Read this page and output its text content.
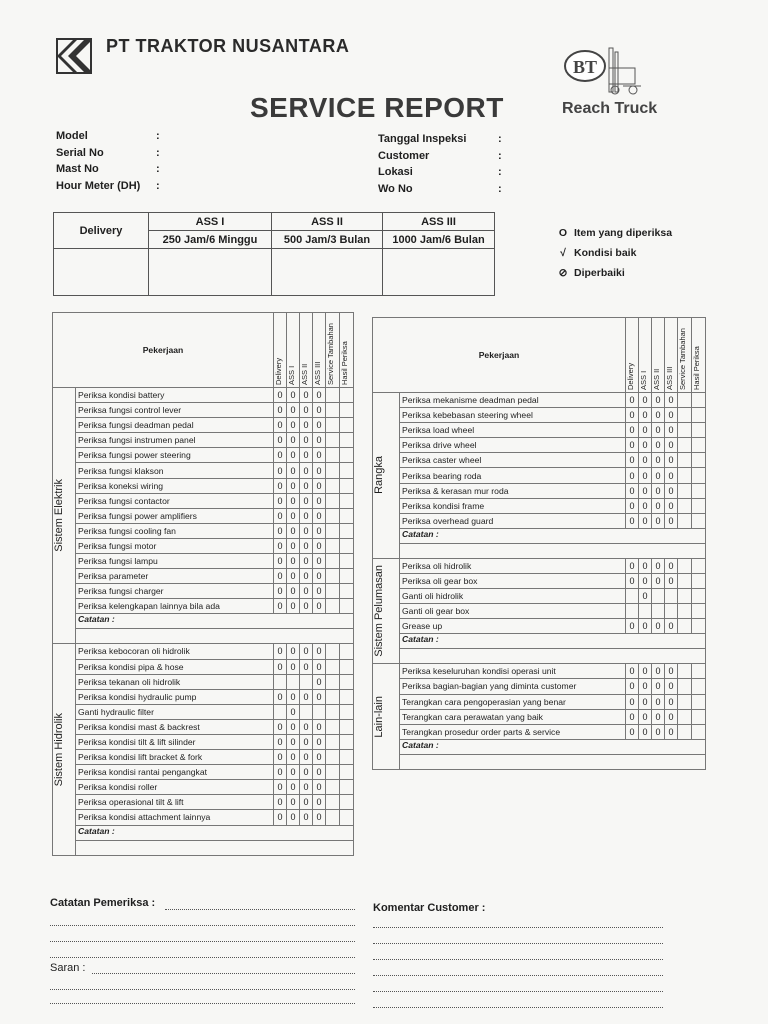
PT TRAKTOR NUSANTARA
SERVICE REPORT
BT
Reach Truck
Model	:
Serial No	:
Mast No	:
Hour Meter (DH)	:
Tanggal Inspeksi	:
Customer	:
Lokasi	:
Wo No	:
Delivery	ASS I	ASS II	ASS III
	250 Jam/6 Minggu	500 Jam/3 Bulan	1000 Jam/6 Bulan

O Item yang diperiksa
√ Kondisi baik
⊘ Diperbaiki
Pekerjaan		Delivery	ASS I	ASS II	ASS III	Service Tambahan	Hasil Periksa

Sistem Elektrik	Periksa kondisi battery	0	0	0	0		
	Periksa fungsi control lever	0	0	0	0		
	Periksa fungsi deadman pedal	0	0	0	0		
	Periksa fungsi instrumen panel	0	0	0	0		
	Periksa fungsi power steering	0	0	0	0		
	Periksa fungsi klakson	0	0	0	0		
	Periksa koneksi wiring	0	0	0	0		
	Periksa fungsi contactor	0	0	0	0		
	Periksa fungsi power amplifiers	0	0	0	0		
	Periksa fungsi cooling fan	0	0	0	0		
	Periksa fungsi motor	0	0	0	0		
	Periksa fungsi lampu	0	0	0	0		
	Periksa parameter	0	0	0	0		
	Periksa fungsi charger	0	0	0	0		
	Periksa kelengkapan lainnya bila ada	0	0	0	0		
	Catatan :						

Sistem Hidrolik	Periksa kebocoran oli hidrolik	0	0	0	0		
	Periksa kondisi pipa & hose	0	0	0	0		
	Periksa tekanan oli hidrolik				0		
	Periksa kondisi hydraulic pump	0	0	0	0		
	Ganti hydraulic filter		0				
	Periksa kondisi mast & backrest	0	0	0	0		
	Periksa kondisi tilt & lift silinder	0	0	0	0		
	Periksa kondisi lift bracket & fork	0	0	0	0		
	Periksa kondisi rantai pengangkat	0	0	0	0		
	Periksa kondisi roller	0	0	0	0		
	Periksa operasional tilt & lift	0	0	0	0		
	Periksa kondisi attachment lainnya	0	0	0	0		
	Catatan :						

Pekerjaan		Delivery	ASS I	ASS II	ASS III	Service Tambahan	Hasil Periksa

Rangka	Periksa mekanisme deadman pedal	0	0	0	0		
	Periksa kebebasan steering wheel	0	0	0	0		
	Periksa load wheel	0	0	0	0		
	Periksa drive wheel	0	0	0	0		
	Periksa caster wheel	0	0	0	0		
	Periksa bearing roda	0	0	0	0		
	Periksa & kerasan mur roda	0	0	0	0		
	Periksa kondisi frame	0	0	0	0		
	Periksa overhead guard	0	0	0	0		
	Catatan :						

Sistem Pelumasan	Periksa oli hidrolik	0	0	0	0		
	Periksa oli gear box	0	0	0	0		
	Ganti oli hidrolik		0				
	Ganti oli gear box						
	Grease up	0	0	0	0		
	Catatan :						

Lain-lain	Periksa keseluruhan kondisi operasi unit	0	0	0	0		
	Periksa bagian-bagian yang diminta customer	0	0	0	0		
	Terangkan cara pengoperasian yang benar	0	0	0	0		
	Terangkan cara perawatan yang baik	0	0	0	0		
	Terangkan prosedur order parts & service	0	0	0	0		
	Catatan :						

Catatan Pemeriksa :
Saran :
Komentar Customer :
